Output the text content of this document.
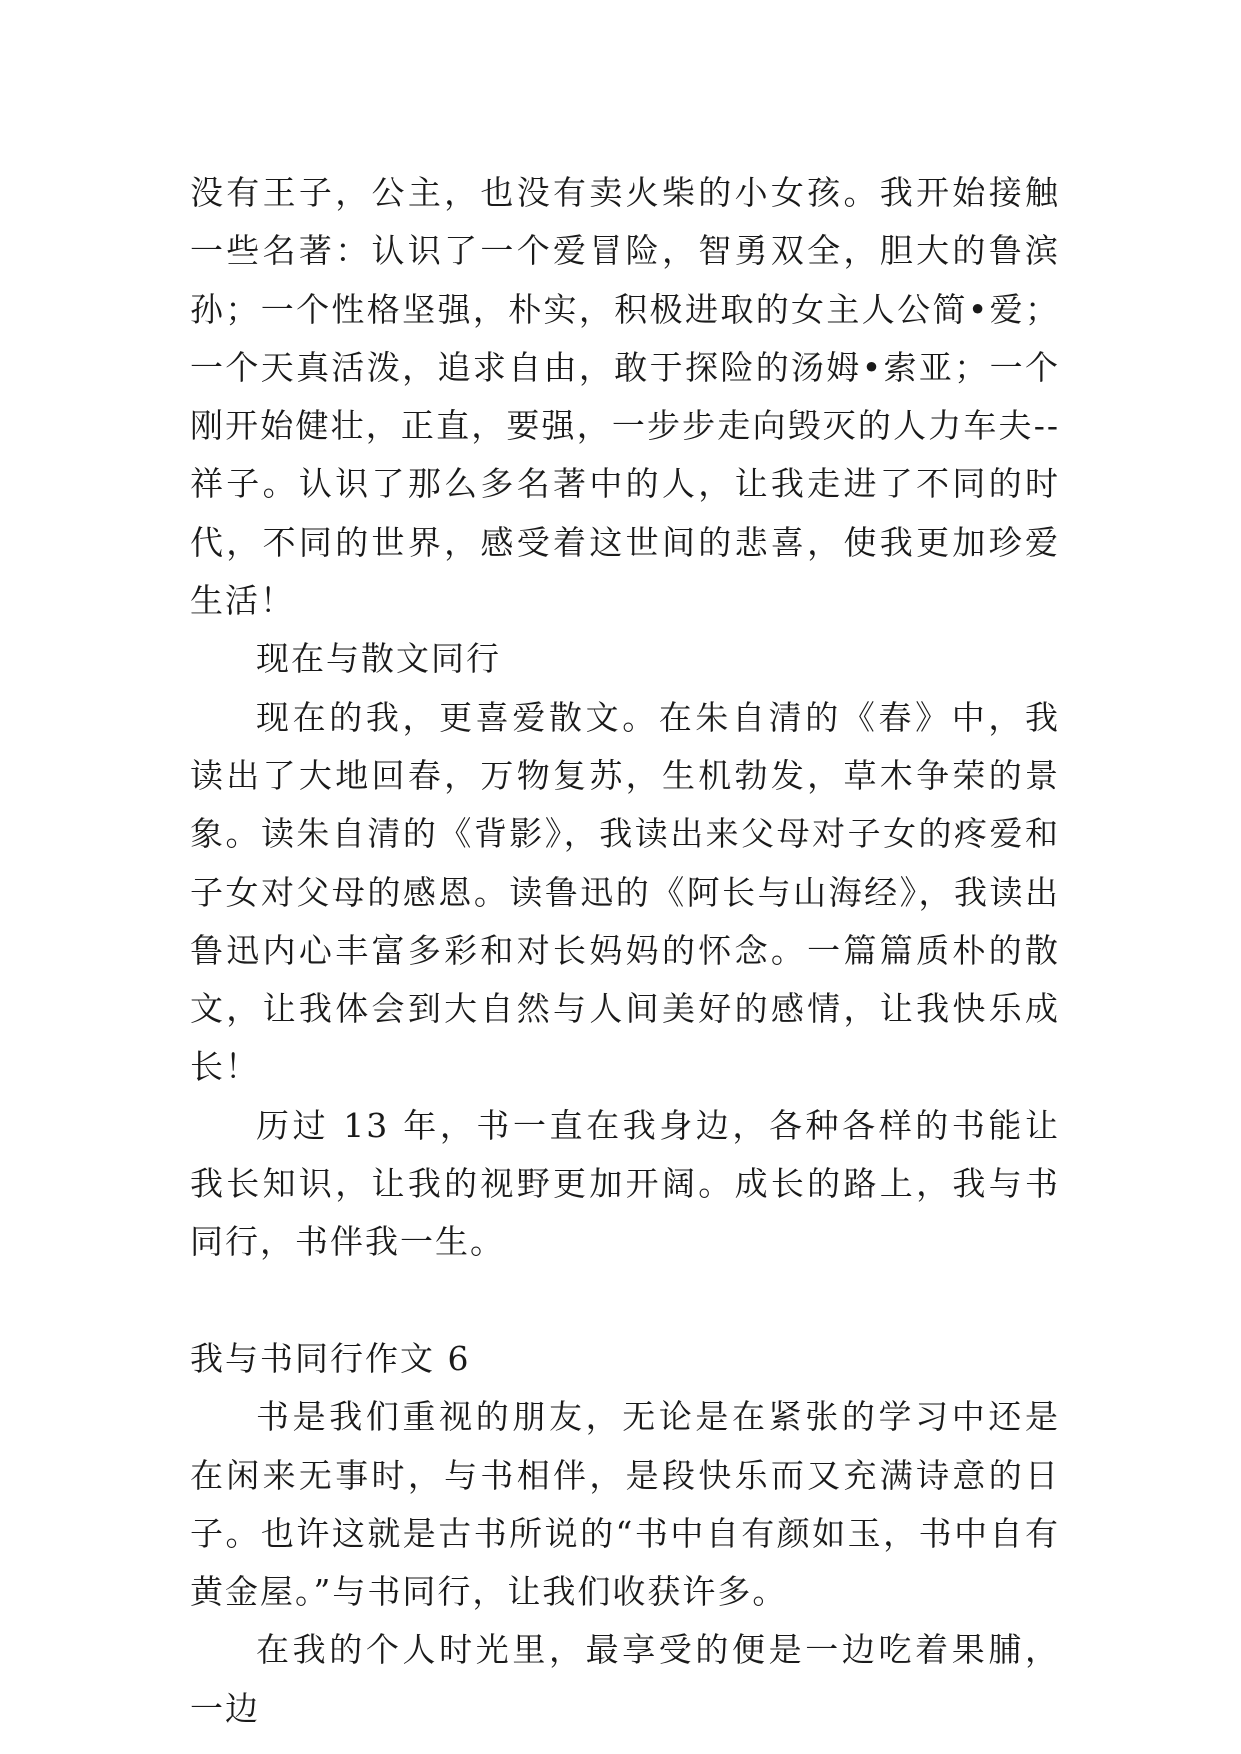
没有王子，公主，也没有卖火柴的小女孩。我开始接触一些名著：认识了一个爱冒险，智勇双全，胆大的鲁滨孙；一个性格坚强，朴实，积极进取的女主人公简•爱；一个天真活泼，追求自由，敢于探险的汤姆•索亚；一个刚开始健壮，正直，要强，一步步走向毁灭的人力车夫--祥子。认识了那么多名著中的人，让我走进了不同的时代，不同的世界，感受着这世间的悲喜，使我更加珍爱生活！

现在与散文同行

现在的我，更喜爱散文。在朱自清的《春》中，我读出了大地回春，万物复苏，生机勃发，草木争荣的景象。读朱自清的《背影》，我读出来父母对子女的疼爱和子女对父母的感恩。读鲁迅的《阿长与山海经》，我读出鲁迅内心丰富多彩和对长妈妈的怀念。一篇篇质朴的散文，让我体会到大自然与人间美好的感情，让我快乐成长！

历过 13 年，书一直在我身边，各种各样的书能让我长知识，让我的视野更加开阔。成长的路上，我与书同行，书伴我一生。

我与书同行作文 6

书是我们重视的朋友，无论是在紧张的学习中还是在闲来无事时，与书相伴，是段快乐而又充满诗意的日子。也许这就是古书所说的“书中自有颜如玉，书中自有黄金屋。”与书同行，让我们收获许多。

在我的个人时光里，最享受的便是一边吃着果脯，一边
